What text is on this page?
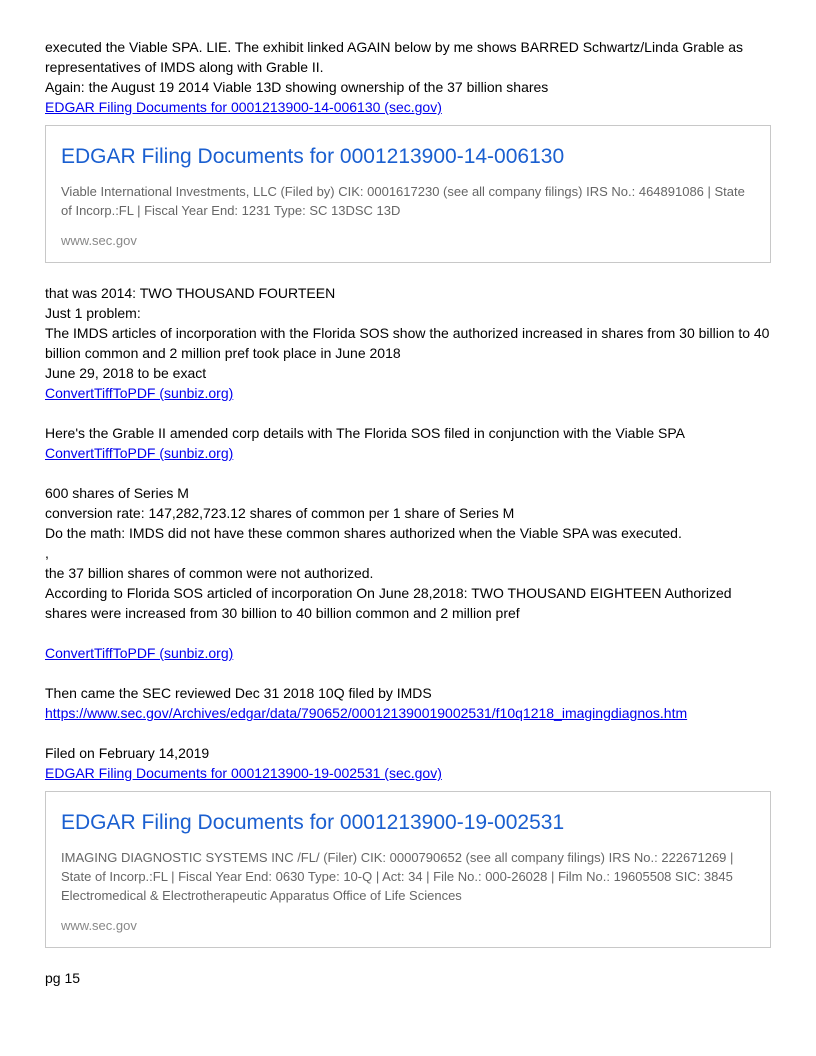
executed the Viable SPA. LIE. The exhibit linked AGAIN below by me shows BARRED Schwartz/Linda Grable as representatives of IMDS along with Grable II.

Again: the August 19 2014 Viable 13D showing ownership of the 37 billion shares

EDGAR Filing Documents for 0001213900-14-006130 (sec.gov)

EDGAR Filing Documents for 0001213900-14-006130

Viable International Investments, LLC (Filed by) CIK: 0001617230 (see all company filings) IRS No.: 464891086 | State of Incorp.:FL | Fiscal Year End: 1231 Type: SC 13DSC 13D

www.sec.gov

that was 2014: TWO THOUSAND FOURTEEN

Just 1 problem:

The IMDS articles of incorporation with the Florida SOS show the authorized increased in shares from 30 billion to 40 billion common and 2 million pref took place in June 2018

June 29, 2018 to be exact

ConvertTiffToPDF (sunbiz.org)

Here's the Grable II amended corp details with The Florida SOS filed in conjunction with the Viable SPA

ConvertTiffToPDF (sunbiz.org)

600 shares of Series M

conversion rate: 147,282,723.12 shares of common per 1 share of Series M

Do the math: IMDS did not have these common shares authorized when the Viable SPA was executed.

,

the 37 billion shares of common were not authorized.

According to Florida SOS articled of incorporation On June 28,2018: TWO THOUSAND EIGHTEEN Authorized shares were increased from 30 billion to 40 billion common and 2 million pref

ConvertTiffToPDF (sunbiz.org)

Then came the SEC reviewed Dec 31 2018 10Q filed by IMDS

https://www.sec.gov/Archives/edgar/data/790652/000121390019002531/f10q1218_imagingdiagnos.htm

Filed on February 14,2019

EDGAR Filing Documents for 0001213900-19-002531 (sec.gov)

EDGAR Filing Documents for 0001213900-19-002531

IMAGING DIAGNOSTIC SYSTEMS INC /FL/ (Filer) CIK: 0000790652 (see all company filings) IRS No.: 222671269 | State of Incorp.:FL | Fiscal Year End: 0630 Type: 10-Q | Act: 34 | File No.: 000-26028 | Film No.: 19605508 SIC: 3845 Electromedical & Electrotherapeutic Apparatus Office of Life Sciences

www.sec.gov

pg 15
